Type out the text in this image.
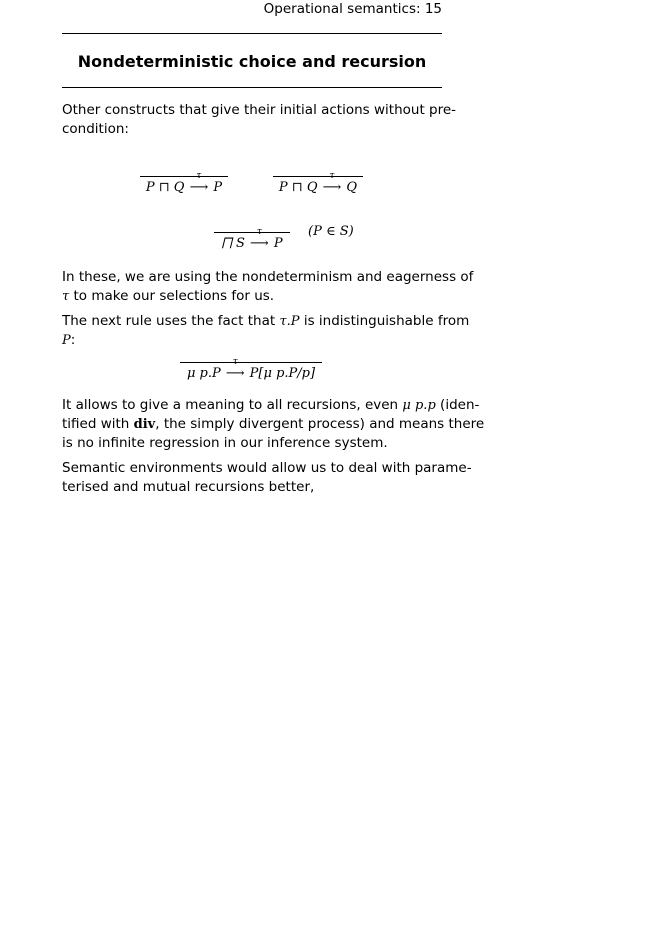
Operational semantics: 15
Nondeterministic choice and recursion
Other constructs that give their initial actions without pre-
condition:
P ⊓ Q
τ
⟶ P	P ⊓ Q
τ
⟶ Q
⨅ S
τ
⟶ P
(P ∈ S)
In these, we are using the nondeterminism and eagerness of
τ to make our selections for us.
The next rule uses the fact that τ.P is indistinguishable from
P:
μ p.P
τ
⟶ P[μ p.P/p]
It allows to give a meaning to all recursions, even μ p.p (iden-
tified with div, the simply divergent process) and means there
is no infinite regression in our inference system.
Semantic environments would allow us to deal with parame-
terised and mutual recursions better,
